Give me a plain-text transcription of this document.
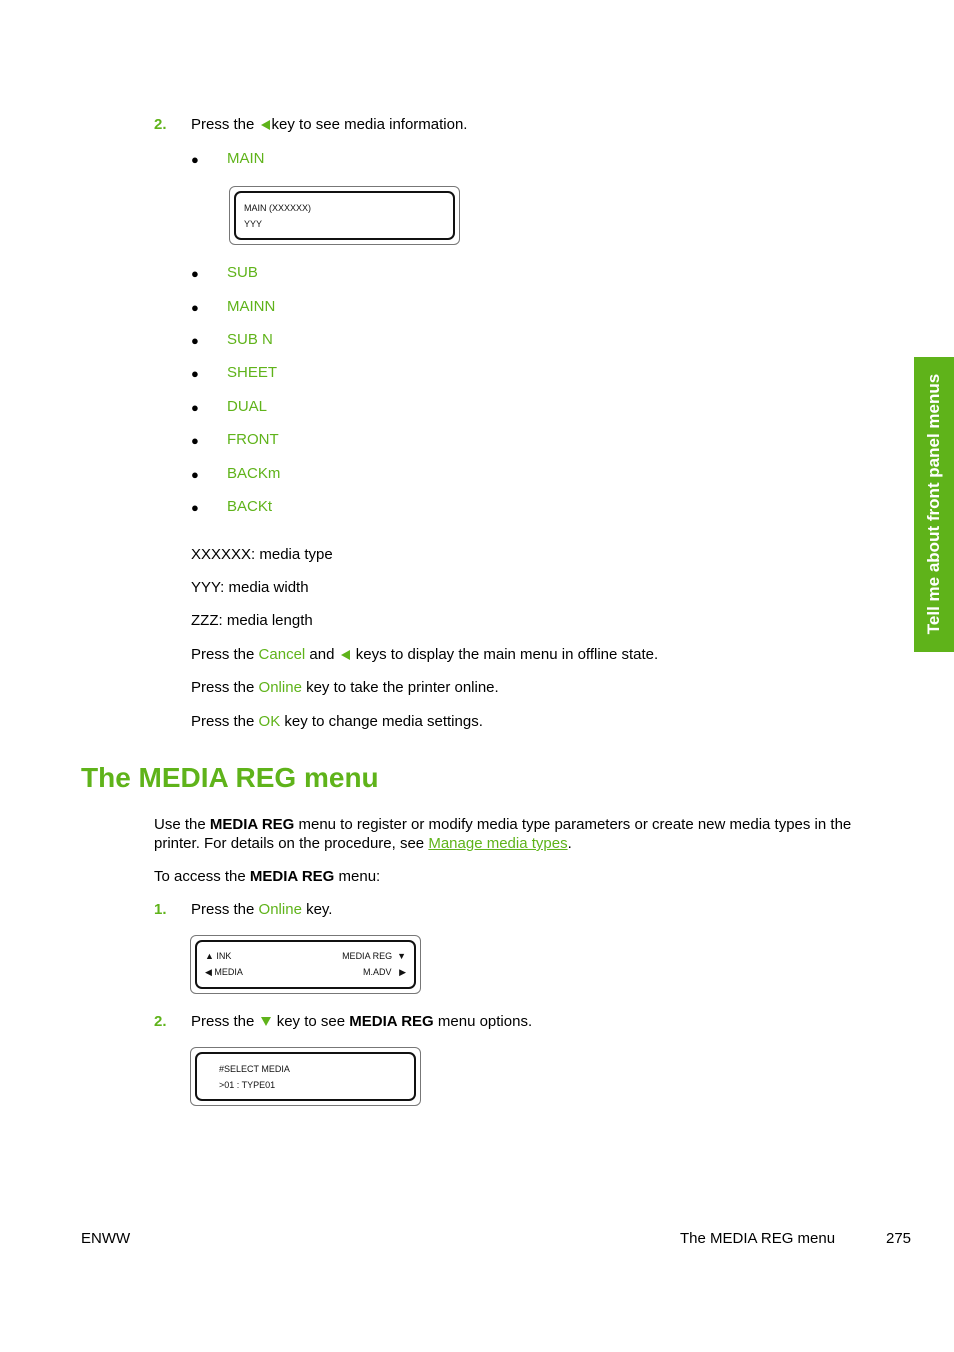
2. Press the key to see media information.
● MAIN
MAIN (XXXXXX)
YYY
● SUB
● MAINN
● SUB N
● SHEET
● DUAL
● FRONT
● BACKm
● BACKt
XXXXXX: media type
YYY: media width
ZZZ: media length
Press the Cancel and keys to display the main menu in offline state.
Press the Online key to take the printer online.
Press the OK key to change media settings.
The MEDIA REG menu
Use the MEDIA REG menu to register or modify media type parameters or create new media types in the
printer. For details on the procedure, see Manage media types.
To access the MEDIA REG menu:
1. Press the Online key.
▲ INK
◀ MEDIA
MEDIA REG  ▼
M.ADV   ▶
2. Press the key to see MEDIA REG menu options.
#SELECT MEDIA
>01 : TYPE01
Tell me about front panel menus
ENWW	The MEDIA REG menu	275
